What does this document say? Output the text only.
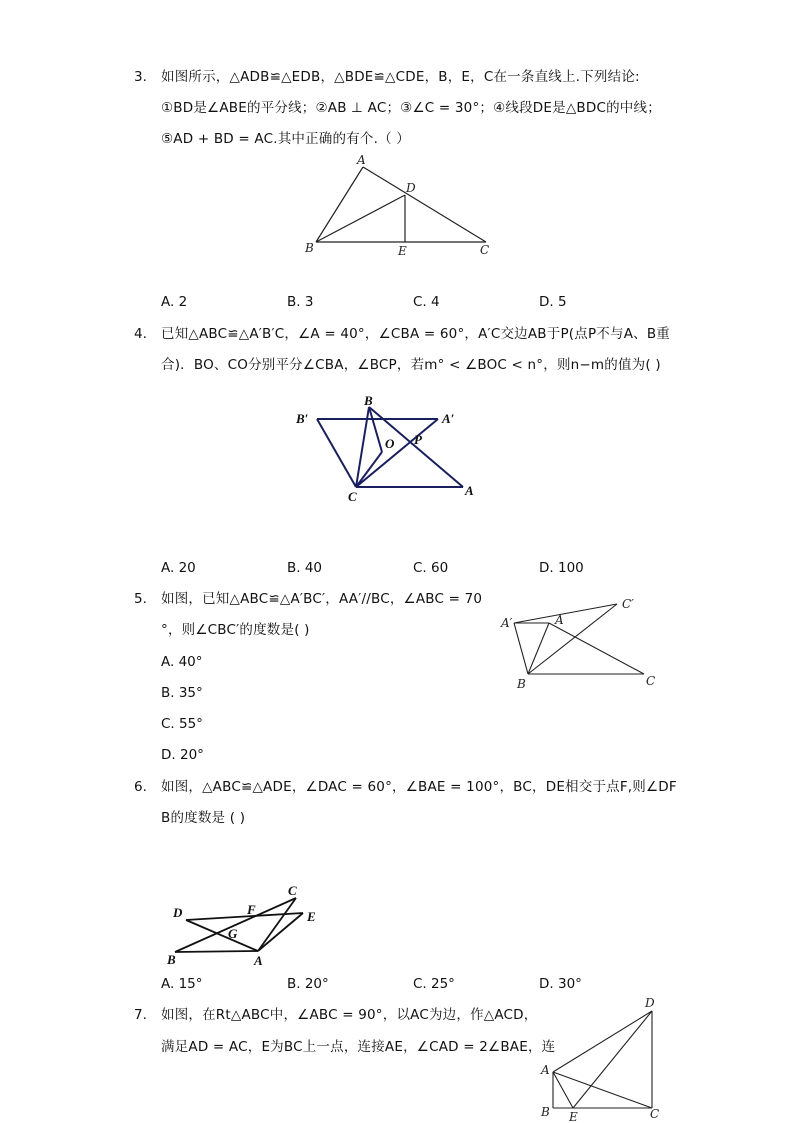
3. 如图所示，△ADB≌△EDB，△BDE≌△CDE，B，E，C在一条直线上.下列结论:
①BD是∠ABE的平分线；②AB ⊥ AC；③∠C = 30°；④线段DE是△BDC的中线；
⑤AD + BD = AC.其中正确的有个.（ ）
A
D
B	E	C
A. 2	B. 3	C. 4	D. 5
4. 已知△ABC≌△A′B′C，∠A = 40°，∠CBA = 60°，A′C交边AB于P(点P不与A、B重
合)．BO、CO分别平分∠CBA，∠BCP，若m° < ∠BOC < n°，则n−m的值为( )
B′
B
A′
O P
C	A
A. 20	B. 40	C. 60	D. 100
5. 如图，已知△ABC≌△A′BC′，AA′//BC，∠ABC = 70
°，则∠CBC′的度数是( )
A. 40°
B. 35°
C. 55°
D. 20°
A′	A
C′
B	C
6. 如图，△ABC≌△ADE，∠DAC = 60°，∠BAE = 100°，BC，DE相交于点F,则∠DF
B的度数是 ( )
C
D	F	E
G
B	A
A. 15°	B. 20°	C. 25°	D. 30°
7. 如图，在Rt△ABC中，∠ABC = 90°，以AC为边，作△ACD，
满足AD = AC，E为BC上一点，连接AE，∠CAD = 2∠BAE，连
D
A
B E	C
